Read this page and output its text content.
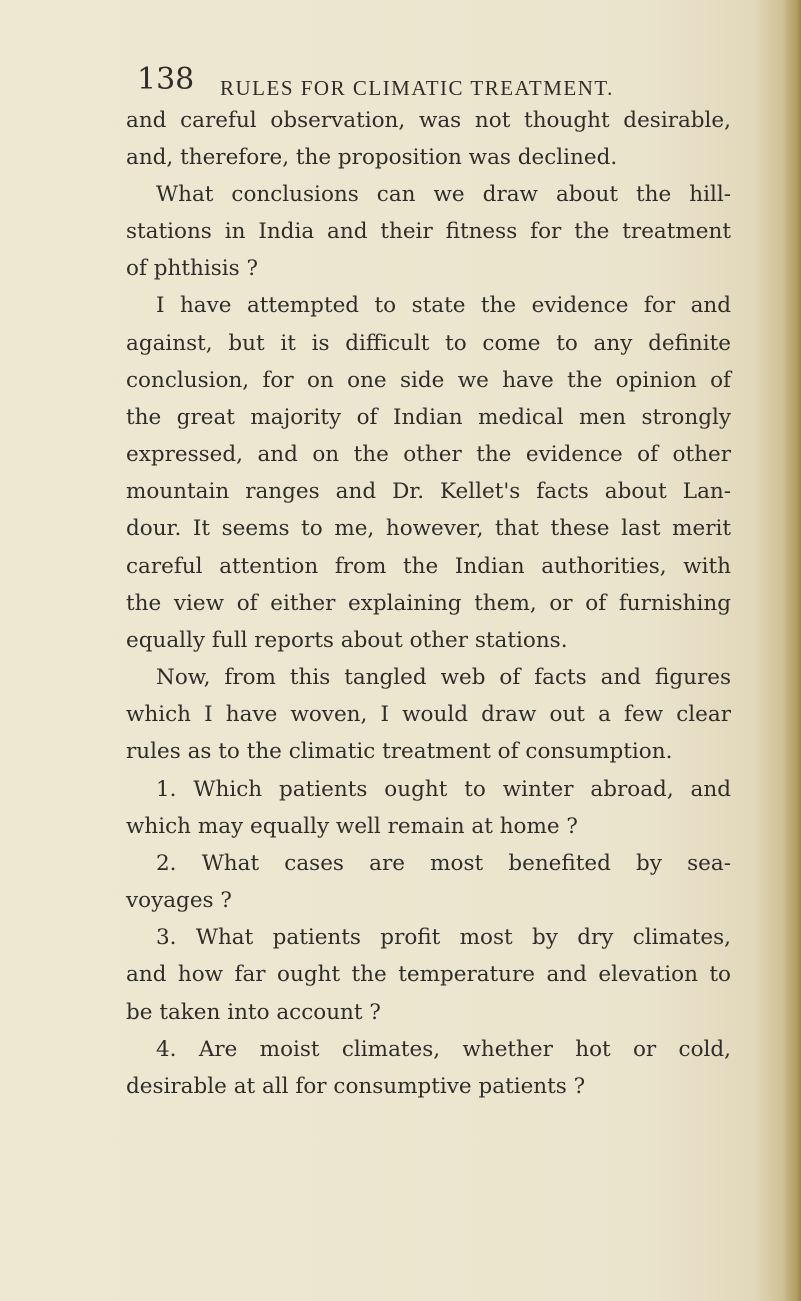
138 RULES FOR CLIMATIC TREATMENT.
and careful observation, was not thought desirable,
and, therefore, the proposition was declined.
What conclusions can we draw about the hill-
stations in India and their fitness for the treatment
of phthisis ?
I have attempted to state the evidence for and
against, but it is difficult to come to any definite
conclusion, for on one side we have the opinion of
the great majority of Indian medical men strongly
expressed, and on the other the evidence of other
mountain ranges and Dr. Kellet's facts about Lan-
dour. It seems to me, however, that these last merit
careful attention from the Indian authorities, with
the view of either explaining them, or of furnishing
equally full reports about other stations.
Now, from this tangled web of facts and figures
which I have woven, I would draw out a few clear
rules as to the climatic treatment of consumption.
1. Which patients ought to winter abroad, and
which may equally well remain at home ?
2. What cases are most benefited by sea-
voyages ?
3. What patients profit most by dry climates,
and how far ought the temperature and elevation to
be taken into account ?
4. Are moist climates, whether hot or cold,
desirable at all for consumptive patients ?
